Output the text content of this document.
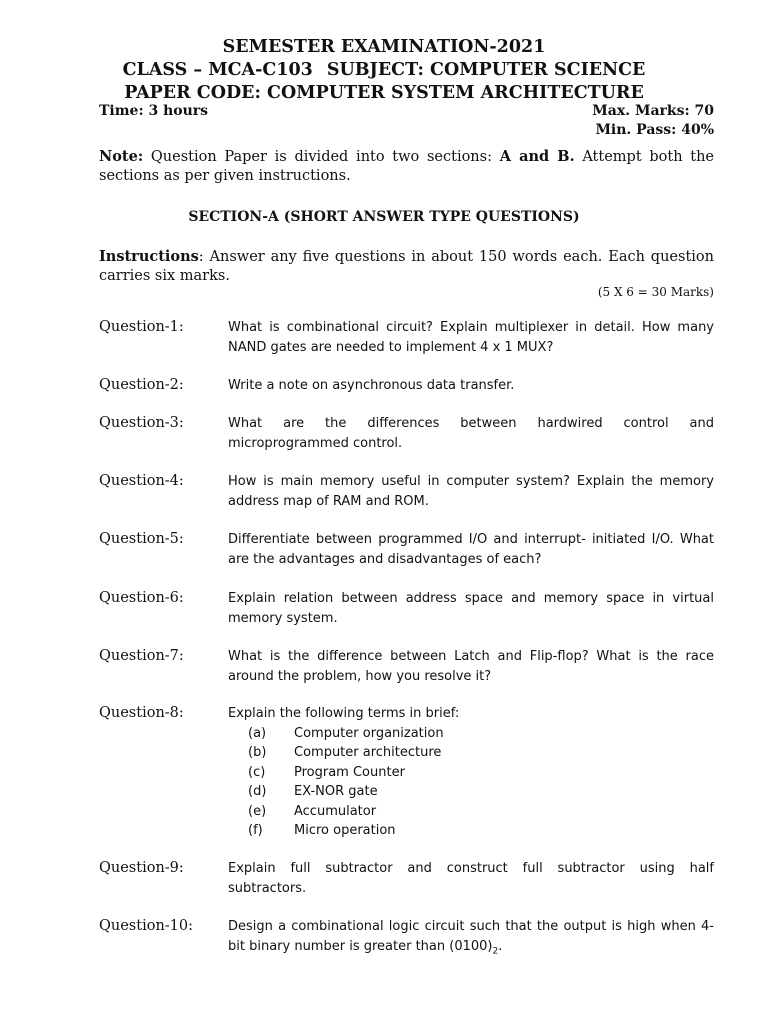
SEMESTER EXAMINATION-2021
CLASS – MCA-C103 SUBJECT: COMPUTER SCIENCE
PAPER CODE: COMPUTER SYSTEM ARCHITECTURE
Time: 3 hours	Max. Marks: 70
Min. Pass: 40%
Note: Question Paper is divided into two sections: A and B. Attempt both the sections as per given instructions.
SECTION-A (SHORT ANSWER TYPE QUESTIONS)
Instructions: Answer any five questions in about 150 words each. Each question carries six marks.
(5 X 6 = 30 Marks)
Question-1:	What is combinational circuit? Explain multiplexer in detail. How many NAND gates are needed to implement 4 x 1 MUX?
Question-2:	Write a note on asynchronous data transfer.
Question-3:	What are the differences between hardwired control and
microprogrammed control.
Question-4:	How is main memory useful in computer system? Explain the memory address map of RAM and ROM.
Question-5:	Differentiate between programmed I/O and interrupt- initiated I/O. What are the advantages and disadvantages of each?
Question-6:	Explain relation between address space and memory space in virtual memory system.
Question-7:	What is the difference between Latch and Flip-flop? What is the race around the problem, how you resolve it?
Question-8:	Explain the following terms in brief:
(a) Computer organization
(b) Computer architecture
(c) Program Counter
(d) EX-NOR gate
(e) Accumulator
(f) Micro operation
Question-9:	Explain full subtractor and construct full subtractor using half
subtractors.
Question-10:	Design a combinational logic circuit such that the output is high when 4-bit binary number is greater than $(0100)_2$.
